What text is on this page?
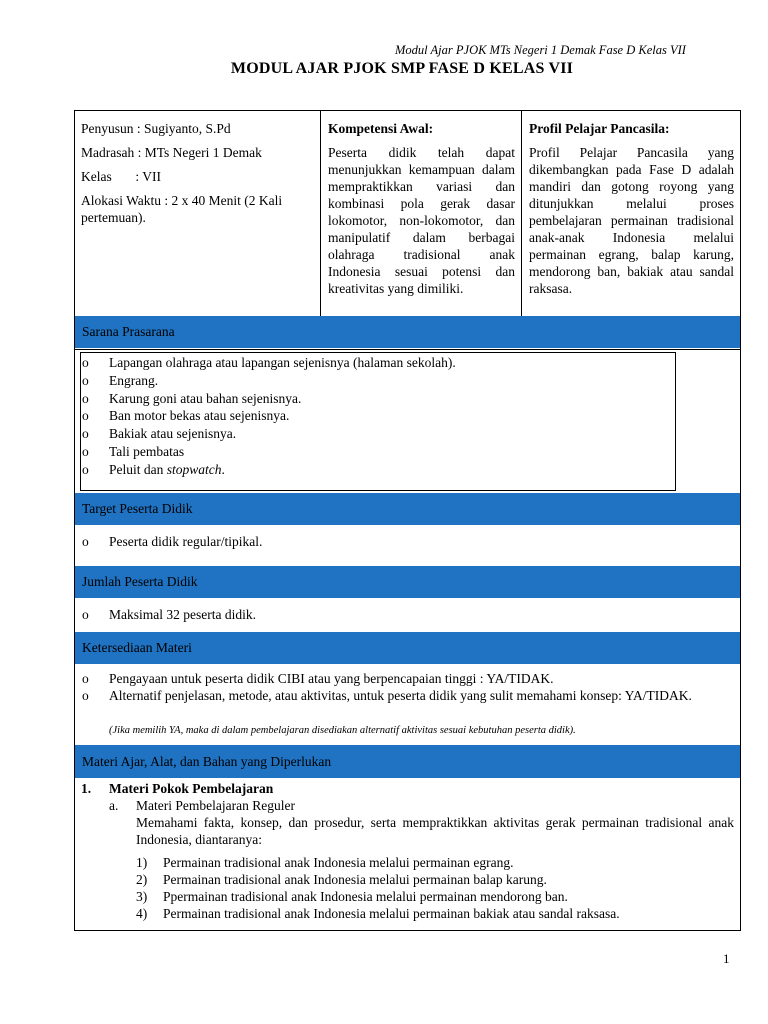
Modul Ajar PJOK MTs Negeri 1 Demak Fase D Kelas VII
MODUL AJAR PJOK SMP FASE D KELAS VII

Penyusun : Sugiyanto, S.Pd

Madrasah : MTs Negeri 1 Demak

Kelas       : VII

Alokasi Waktu : 2 x 40 Menit (2 Kali pertemuan).

Kompetensi Awal:

Peserta didik telah dapat menunjukkan kemampuan dalam mempraktikkan variasi dan kombinasi pola gerak dasar lokomotor, non-lokomotor, dan manipulatif dalam berbagai olahraga tradisional anak Indonesia sesuai potensi dan kreativitas yang dimiliki.

Profil Pelajar Pancasila:

Profil Pelajar Pancasila yang dikembangkan pada Fase D adalah mandiri dan gotong royong yang ditunjukkan melalui proses pembelajaran permainan tradisional anak-anak Indonesia melalui permainan egrang, balap karung, mendorong ban, bakiak atau sandal raksasa.

Sarana Prasarana
o Lapangan olahraga atau lapangan sejenisnya (halaman sekolah).
o Engrang.
o Karung goni atau bahan sejenisnya.
o Ban motor bekas atau sejenisnya.
o Bakiak atau sejenisnya.
o Tali pembatas
o Peluit dan stopwatch.
Target Peserta Didik
o Peserta didik regular/tipikal.
Jumlah Peserta Didik
o Maksimal 32 peserta didik.
Ketersediaan Materi
o Pengayaan untuk peserta didik CIBI atau yang berpencapaian tinggi : YA/TIDAK.
o Alternatif penjelasan, metode, atau aktivitas, untuk peserta didik yang sulit memahami konsep: YA/TIDAK.
(Jika memilih YA, maka di dalam pembelajaran disediakan alternatif aktivitas sesuai kebutuhan peserta didik).
Materi Ajar, Alat, dan Bahan yang Diperlukan
1.	Materi Pokok Pembelajaran
a.	Materi Pembelajaran Reguler
Memahami fakta, konsep, dan prosedur, serta mempraktikkan aktivitas gerak permainan tradisional anak Indonesia, diantaranya:
1) Permainan tradisional anak Indonesia melalui permainan egrang.
2) Permainan tradisional anak Indonesia melalui permainan balap karung.
3) Ppermainan tradisional anak Indonesia melalui permainan mendorong ban.
4) Permainan tradisional anak Indonesia melalui permainan bakiak atau sandal raksasa.
1
